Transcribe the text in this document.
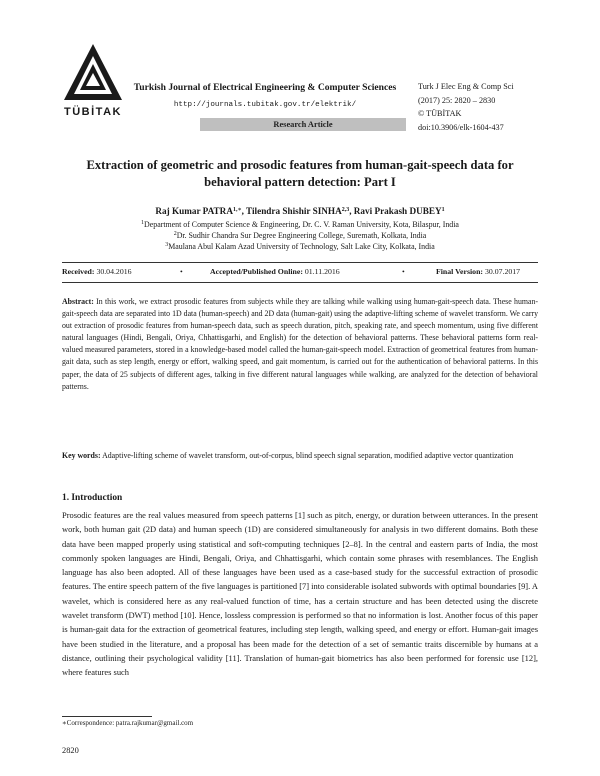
TÜBİTAK
Turkish Journal of Electrical Engineering & Computer Sciences
http://journals.tubitak.gov.tr/elektrik/
Research Article
Turk J Elec Eng & Comp Sci
(2017) 25: 2820 – 2830
© TÜBİTAK
doi:10.3906/elk-1604-437
Extraction of geometric and prosodic features from human-gait-speech data for
behavioral pattern detection: Part I
Raj Kumar $PATRA^{1,∗}$, Tilendra Shishir SINHA$^{2,3}$, Ravi Prakash DUBEY$^1$
$^1$Department of Computer Science & Engineering, Dr. C. V. Raman University, Kota, Bilaspur, India
$^2$Dr. Sudhir Chandra Sur Degree Engineering College, Suremath, Kolkata, India
$^3$Maulana Abul Kalam Azad University of Technology, Salt Lake City, Kolkata, India
Received: 30.04.2016	•	Accepted/Published Online: 01.11.2016	•	Final Version: 30.07.2017
Abstract: In this work, we extract prosodic features from subjects while they are talking while walking using human-gait-speech data. These human-gait-speech data are separated into 1D data (human-speech) and 2D data (human-gait) using the adaptive-lifting scheme of wavelet transform. We carry out extraction of prosodic features from human-speech data, such as speech duration, pitch, speaking rate, and speech momentum, using five different natural languages (Hindi, Bengali, Oriya, Chhattisgarhi, and English) for the detection of behavioral patterns. These behavioral patterns form real-valued measured parameters, stored in a knowledge-based model called the human-gait-speech model. Extraction of geometrical features from human-gait data, such as step length, energy or effort, walking speed, and gait momentum, is carried out for the authentication of behavioral patterns. In this paper, the data of 25 subjects of different ages, talking in five different natural languages while walking, are analyzed for the detection of behavioral patterns.
Key words: Adaptive-lifting scheme of wavelet transform, out-of-corpus, blind speech signal separation, modified adaptive vector quantization
1. Introduction
Prosodic features are the real values measured from speech patterns [1] such as pitch, energy, or duration between utterances. In the present work, both human gait (2D data) and human speech (1D) are considered simultaneously for analysis in two different domains. Both these data have been mapped properly using statistical and soft-computing techniques [2–8]. In the central and eastern parts of India, the most commonly spoken languages are Hindi, Bengali, Oriya, and Chhattisgarhi, which contain some phrases with resemblances. The English language has also been adopted. All of these languages have been used as a case-based study for the successful extraction of prosodic features. The entire speech pattern of the five languages is partitioned [7] into considerable isolated subwords with optimal boundaries [9]. A wavelet, which is considered here as any real-valued function of time, has a certain structure and has been detected using the discrete wavelet transform (DWT) method [10]. Hence, lossless compression is performed so that no information is lost. Another focus of this paper is human-gait data for the extraction of geometrical features, including step length, walking speed, and energy or effort. Human-gait images have been studied in the literature, and a proposal has been made for the detection of a set of semantic traits discernible by humans at a distance, outlining their psychological validity [11]. Translation of human-gait biometrics has also been performed for forensic use [12], where features such
∗Correspondence: patra.rajkumar@gmail.com
2820
